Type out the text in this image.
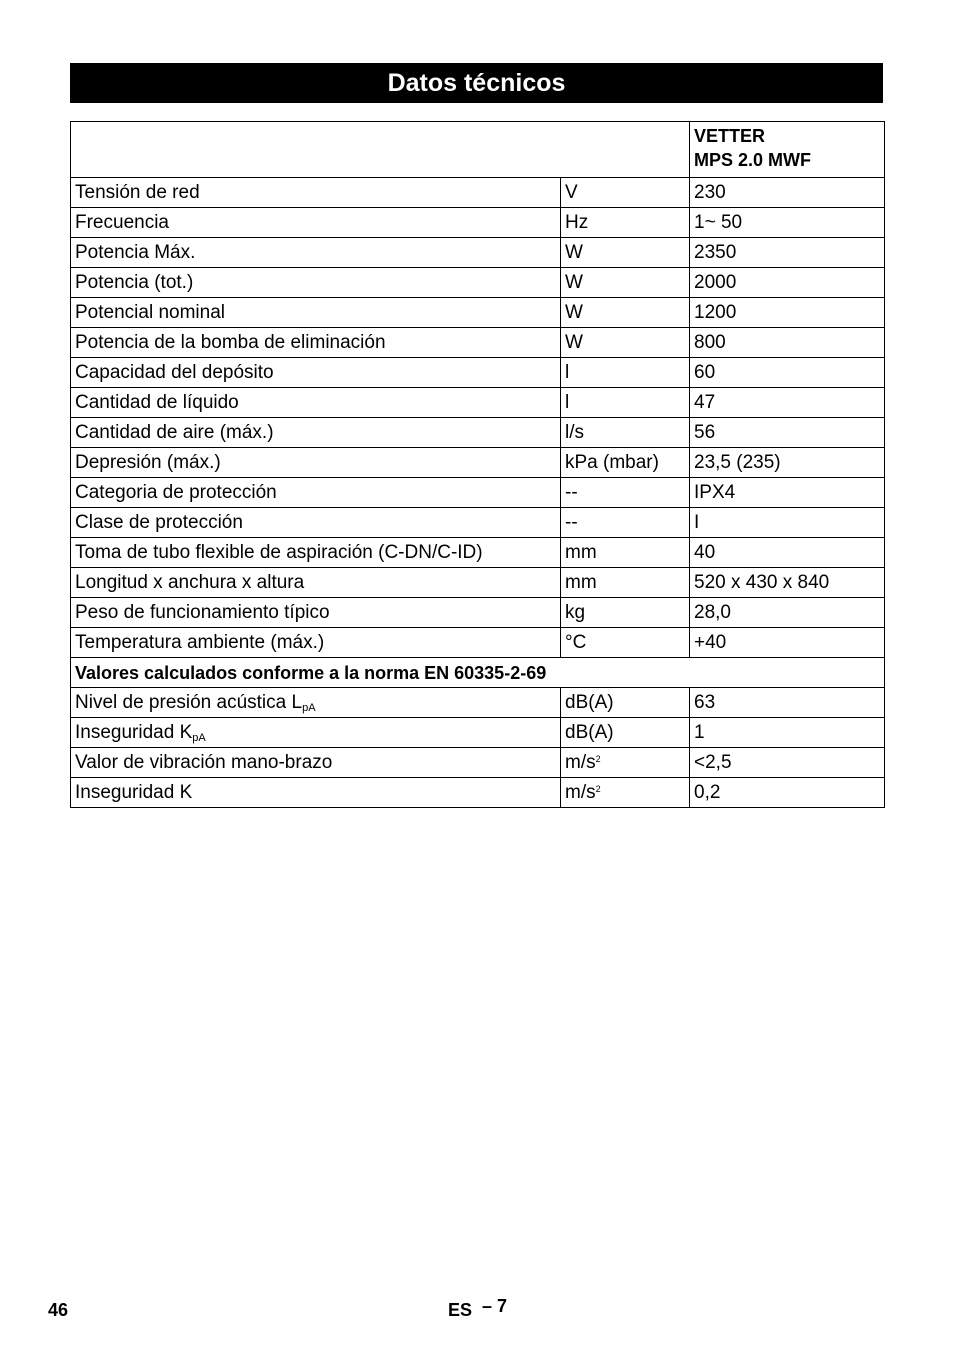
Datos técnicos

		VETTER
MPS 2.0 MWF

Tensión de red	V	230
Frecuencia	Hz	1~ 50
Potencia Máx.	W	2350
Potencia (tot.)	W	2000
Potencial nominal	W	1200
Potencia de la bomba de eliminación	W	800
Capacidad del depósito	l	60
Cantidad de líquido	l	47
Cantidad de aire (máx.)	l/s	56
Depresión (máx.)	kPa (mbar)	23,5 (235)
Categoria de protección	--	IPX4
Clase de protección	--	I
Toma de tubo flexible de aspiración (C-DN/C-ID)	mm	40
Longitud x anchura x altura	mm	520 x 430 x 840
Peso de funcionamiento típico	kg	28,0
Temperatura ambiente (máx.)	°C	+40
Valores calculados conforme a la norma EN 60335-2-69		
Nivel de presión acústica $L_{pA}$	dB(A)	63
Inseguridad $K_{pA}$	dB(A)	1
Valor de vibración mano-brazo	$m/s^2$	<2,5
Inseguridad K	$m/s^2$	0,2
46	ES – 7
